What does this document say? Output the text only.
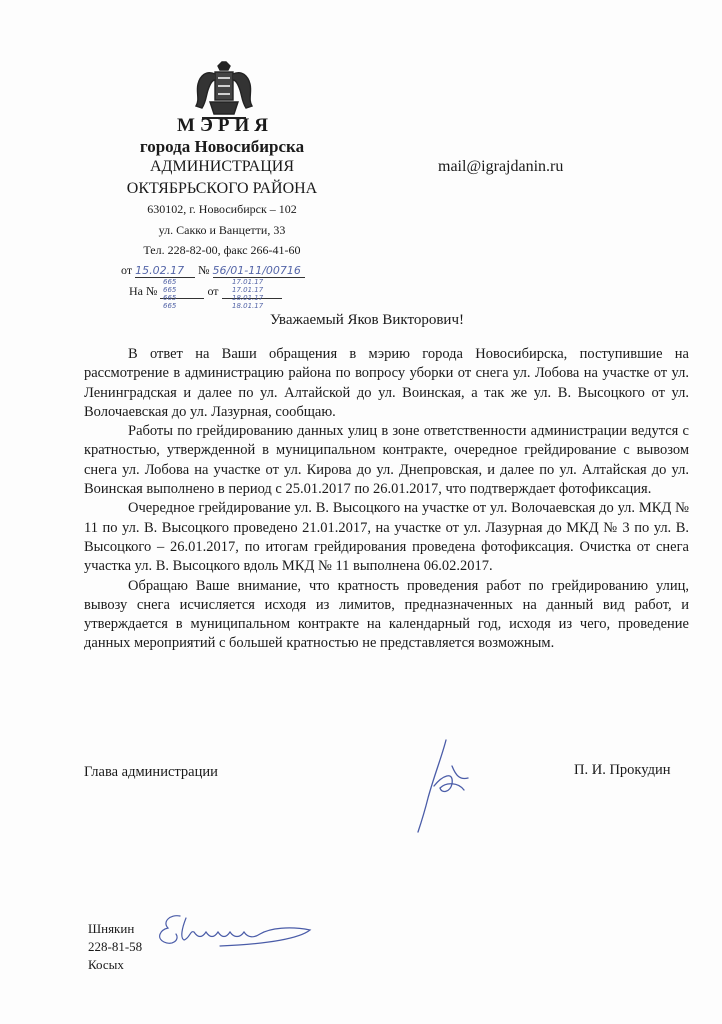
МЭРИЯ
города Новосибирска
АДМИНИСТРАЦИЯ
ОКТЯБРЬСКОГО РАЙОНА
630102, г. Новосибирск – 102
ул. Сакко и Ванцетти, 33
Тел. 228-82-00, факс 266-41-60
mail@igrajdanin.ru
от 15.02.17 № 56/01-11/00716
На №	от
665
665
665
665
17.01.17
17.01.17
18.01.17
18.01.17
Уважаемый Яков Викторович!

В ответ на Ваши обращения в мэрию города Новосибирска, поступившие на рассмотрение в администрацию района по вопросу уборки от снега ул. Лобова на участке от ул. Ленинградская и далее по ул. Алтайской до ул. Воинская, а так же ул. В. Высоцкого от ул. Волочаевская до ул. Лазурная, сообщаю.

Работы по грейдированию данных улиц в зоне ответственности администрации ведутся с кратностью, утвержденной в муниципальном контракте, очередное грейдирование с вывозом снега ул. Лобова на участке от ул. Кирова до ул. Днепровская, и далее по ул. Алтайская до ул. Воинская выполнено в период с 25.01.2017 по 26.01.2017, что подтверждает фотофиксация.

Очередное грейдирование ул. В. Высоцкого на участке от ул. Волочаевская до ул. МКД № 11 по ул. В. Высоцкого проведено 21.01.2017, на участке от ул. Лазурная до МКД № 3 по ул. В. Высоцкого – 26.01.2017, по итогам грейдирования проведена фотофиксация. Очистка от снега участка ул. В. Высоцкого вдоль МКД № 11 выполнена 06.02.2017.

Обращаю Ваше внимание, что кратность проведения работ по грейдированию улиц, вывозу снега исчисляется исходя из лимитов, предназначенных на данный вид работ, и утверждается в муниципальном контракте на календарный год, исходя из чего, проведение данных мероприятий с большей кратностью не представляется возможным.

Глава администрации	П. И. Прокудин
Шнякин
228-81-58
Косых
